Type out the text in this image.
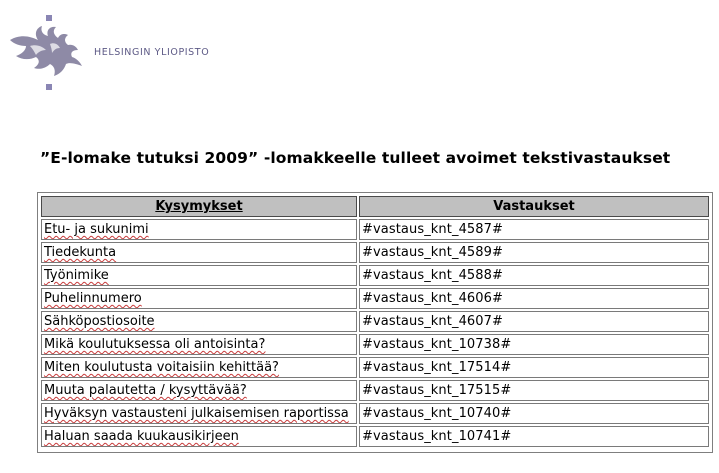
HELSINGIN YLIOPISTO
”E-lomake tutuksi 2009” -lomakkeelle tulleet avoimet tekstivastaukset
Kysymykset	Vastaukset
Etu- ja sukunimi	#vastaus_knt_4587#
Tiedekunta	#vastaus_knt_4589#
Työnimike	#vastaus_knt_4588#
Puhelinnumero	#vastaus_knt_4606#
Sähköpostiosoite	#vastaus_knt_4607#
Mikä koulutuksessa oli antoisinta?	#vastaus_knt_10738#
Miten koulutusta voitaisiin kehittää?	#vastaus_knt_17514#
Muuta palautetta / kysyttävää?	#vastaus_knt_17515#
Hyväksyn vastausteni julkaisemisen raportissa	#vastaus_knt_10740#
Haluan saada kuukausikirjeen	#vastaus_knt_10741#
